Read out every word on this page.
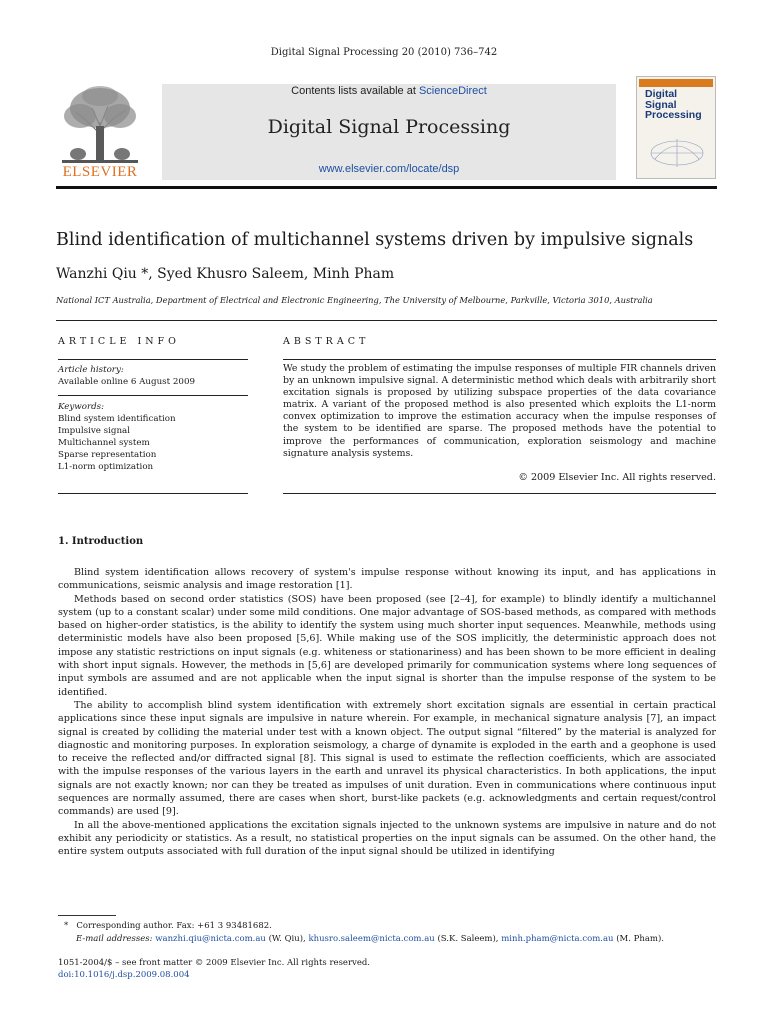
Digital Signal Processing 20 (2010) 736–742
ELSEVIER
Contents lists available at ScienceDirect
Digital Signal Processing
www.elsevier.com/locate/dsp
Digital
Signal
Processing
Blind identification of multichannel systems driven by impulsive signals
Wanzhi Qiu *, Syed Khusro Saleem, Minh Pham
National ICT Australia, Department of Electrical and Electronic Engineering, The University of Melbourne, Parkville, Victoria 3010, Australia
ARTICLE INFO
Article history:
Available online 6 August 2009
Keywords:
Blind system identification
Impulsive signal
Multichannel system
Sparse representation
L1-norm optimization
ABSTRACT
We study the problem of estimating the impulse responses of multiple FIR channels driven by an unknown impulsive signal. A deterministic method which deals with arbitrarily short excitation signals is proposed by utilizing subspace properties of the data covariance matrix. A variant of the proposed method is also presented which exploits the L1-norm convex optimization to improve the estimation accuracy when the impulse responses of the system to be identified are sparse. The proposed methods have the potential to improve the performances of communication, exploration seismology and machine signature analysis systems.
© 2009 Elsevier Inc. All rights reserved.
1. Introduction

Blind system identification allows recovery of system's impulse response without knowing its input, and has applications in communications, seismic analysis and image restoration [1].

Methods based on second order statistics (SOS) have been proposed (see [2–4], for example) to blindly identify a multichannel system (up to a constant scalar) under some mild conditions. One major advantage of SOS-based methods, as compared with methods based on higher-order statistics, is the ability to identify the system using much shorter input sequences. Meanwhile, methods using deterministic models have also been proposed [5,6]. While making use of the SOS implicitly, the deterministic approach does not impose any statistic restrictions on input signals (e.g. whiteness or stationariness) and has been shown to be more efficient in dealing with short input signals. However, the methods in [5,6] are developed primarily for communication systems where long sequences of input symbols are assumed and are not applicable when the input signal is shorter than the impulse response of the system to be identified.

The ability to accomplish blind system identification with extremely short excitation signals are essential in certain practical applications since these input signals are impulsive in nature wherein. For example, in mechanical signature analysis [7], an impact signal is created by colliding the material under test with a known object. The output signal “filtered” by the material is analyzed for diagnostic and monitoring purposes. In exploration seismology, a charge of dynamite is exploded in the earth and a geophone is used to receive the reflected and/or diffracted signal [8]. This signal is used to estimate the reflection coefficients, which are associated with the impulse responses of the various layers in the earth and unravel its physical characteristics. In both applications, the input signals are not exactly known; nor can they be treated as impulses of unit duration. Even in communications where continuous input sequences are normally assumed, there are cases when short, burst-like packets (e.g. acknowledgments and certain request/control commands) are used [9].

In all the above-mentioned applications the excitation signals injected to the unknown systems are impulsive in nature and do not exhibit any periodicity or statistics. As a result, no statistical properties on the input signals can be assumed. On the other hand, the entire system outputs associated with full duration of the input signal should be utilized in identifying

* Corresponding author. Fax: +61 3 93481682.
E-mail addresses: wanzhi.qiu@nicta.com.au (W. Qiu), khusro.saleem@nicta.com.au (S.K. Saleem), minh.pham@nicta.com.au (M. Pham).
1051-2004/$ – see front matter © 2009 Elsevier Inc. All rights reserved.
doi:10.1016/j.dsp.2009.08.004
